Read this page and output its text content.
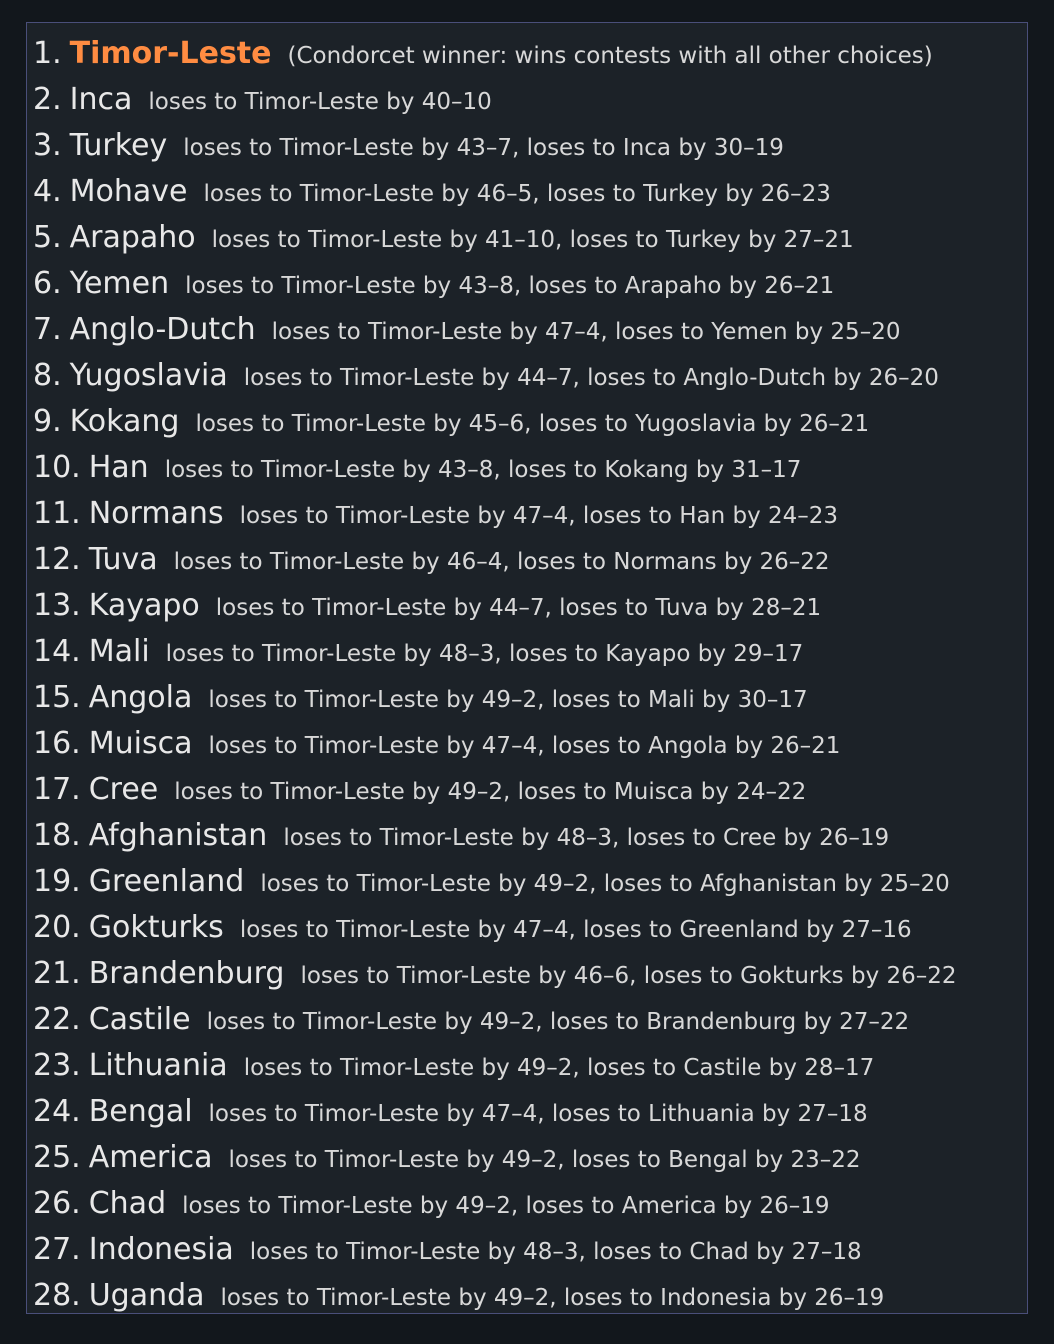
1. Timor-Leste (Condorcet winner: wins contests with all other choices)
2. Inca loses to Timor-Leste by 40–10
3. Turkey loses to Timor-Leste by 43–7, loses to Inca by 30–19
4. Mohave loses to Timor-Leste by 46–5, loses to Turkey by 26–23
5. Arapaho loses to Timor-Leste by 41–10, loses to Turkey by 27–21
6. Yemen loses to Timor-Leste by 43–8, loses to Arapaho by 26–21
7. Anglo-Dutch loses to Timor-Leste by 47–4, loses to Yemen by 25–20
8. Yugoslavia loses to Timor-Leste by 44–7, loses to Anglo-Dutch by 26–20
9. Kokang loses to Timor-Leste by 45–6, loses to Yugoslavia by 26–21
10. Han loses to Timor-Leste by 43–8, loses to Kokang by 31–17
11. Normans loses to Timor-Leste by 47–4, loses to Han by 24–23
12. Tuva loses to Timor-Leste by 46–4, loses to Normans by 26–22
13. Kayapo loses to Timor-Leste by 44–7, loses to Tuva by 28–21
14. Mali loses to Timor-Leste by 48–3, loses to Kayapo by 29–17
15. Angola loses to Timor-Leste by 49–2, loses to Mali by 30–17
16. Muisca loses to Timor-Leste by 47–4, loses to Angola by 26–21
17. Cree loses to Timor-Leste by 49–2, loses to Muisca by 24–22
18. Afghanistan loses to Timor-Leste by 48–3, loses to Cree by 26–19
19. Greenland loses to Timor-Leste by 49–2, loses to Afghanistan by 25–20
20. Gokturks loses to Timor-Leste by 47–4, loses to Greenland by 27–16
21. Brandenburg loses to Timor-Leste by 46–6, loses to Gokturks by 26–22
22. Castile loses to Timor-Leste by 49–2, loses to Brandenburg by 27–22
23. Lithuania loses to Timor-Leste by 49–2, loses to Castile by 28–17
24. Bengal loses to Timor-Leste by 47–4, loses to Lithuania by 27–18
25. America loses to Timor-Leste by 49–2, loses to Bengal by 23–22
26. Chad loses to Timor-Leste by 49–2, loses to America by 26–19
27. Indonesia loses to Timor-Leste by 48–3, loses to Chad by 27–18
28. Uganda loses to Timor-Leste by 49–2, loses to Indonesia by 26–19
